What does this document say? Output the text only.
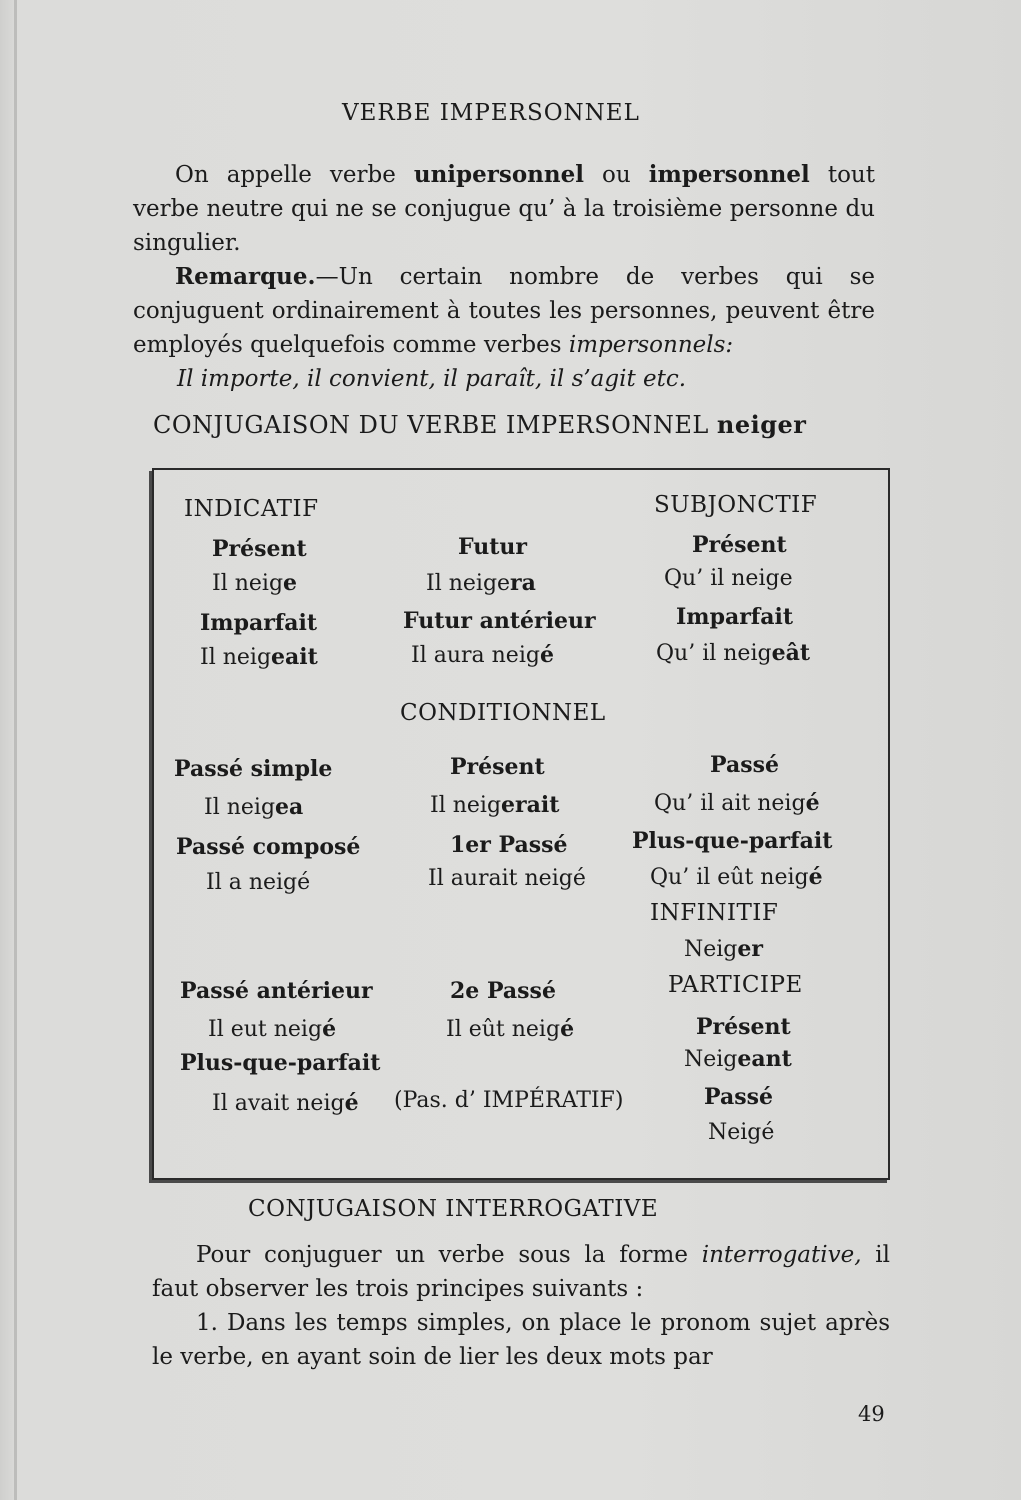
VERBE IMPERSONNEL

On appelle verbe unipersonnel ou impersonnel tout verbe neutre qui ne se conjugue qu’ à la troisième personne du singulier.

Remarque.—Un certain nombre de verbes qui se conjuguent ordinairement à toutes les personnes, peuvent être employés quelquefois comme verbes impersonnels:

Il importe, il convient, il paraît, il s’agit etc.

CONJUGAISON DU VERBE IMPERSONNEL neiger
INDICATIF
Présent
Il neige
Imparfait
Il neigeait
Passé simple
Il neigea
Passé composé
Il a neigé
Passé antérieur
Il eut neigé
Plus-que-parfait
Il avait neigé
Futur
Il neigera
Futur antérieur
Il aura neigé
CONDITIONNEL
Présent
Il neigerait
1er Passé
Il aurait neigé
2e Passé
Il eût neigé
(Pas. d’ IMPÉRATIF)
SUBJONCTIF
Présent
Qu’ il neige
Imparfait
Qu’ il neigeât
Passé
Qu’ il ait neigé
Plus-que-parfait
Qu’ il eût neigé
INFINITIF
Neiger
PARTICIPE
Présent
Neigeant
Passé
Neigé
CONJUGAISON INTERROGATIVE

Pour conjuguer un verbe sous la forme interrogative, il faut observer les trois principes suivants :

1. Dans les temps simples, on place le pronom sujet après le verbe, en ayant soin de lier les deux mots par

49
